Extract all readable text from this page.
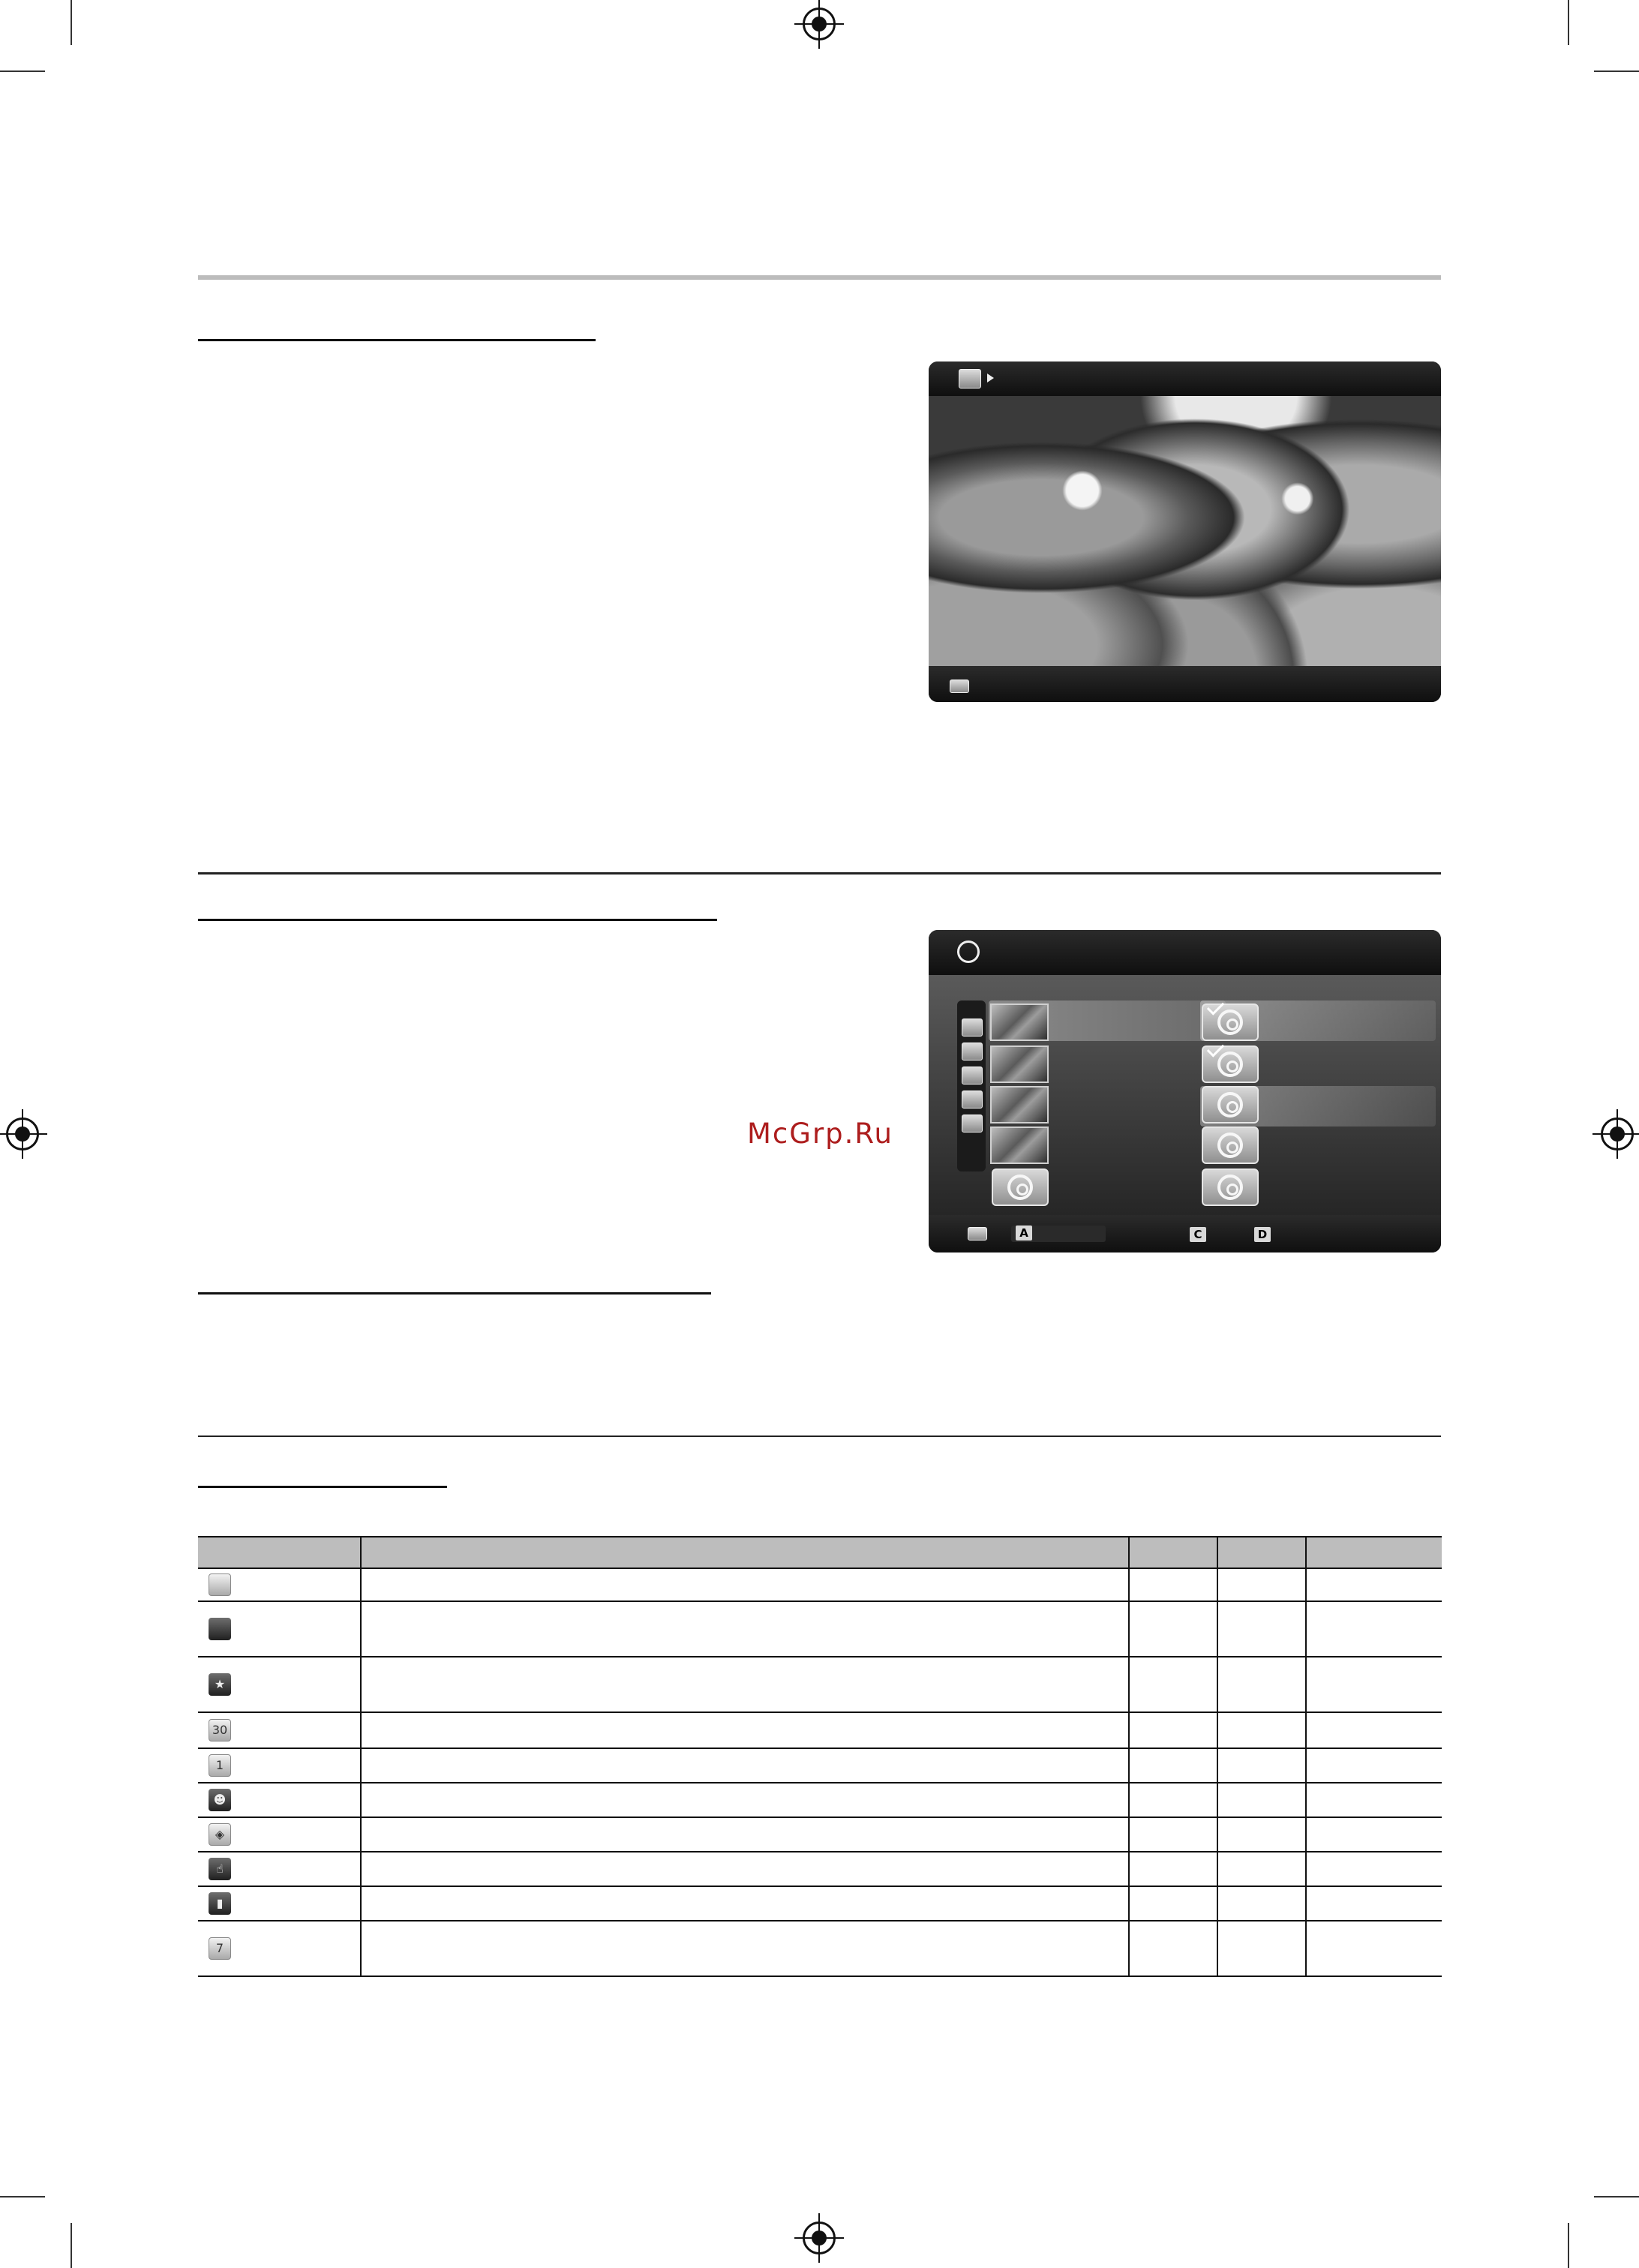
A	C	D
McGrp.Ru

★				

30				

1				

☻				

◈				

☝				

▮				

7				
